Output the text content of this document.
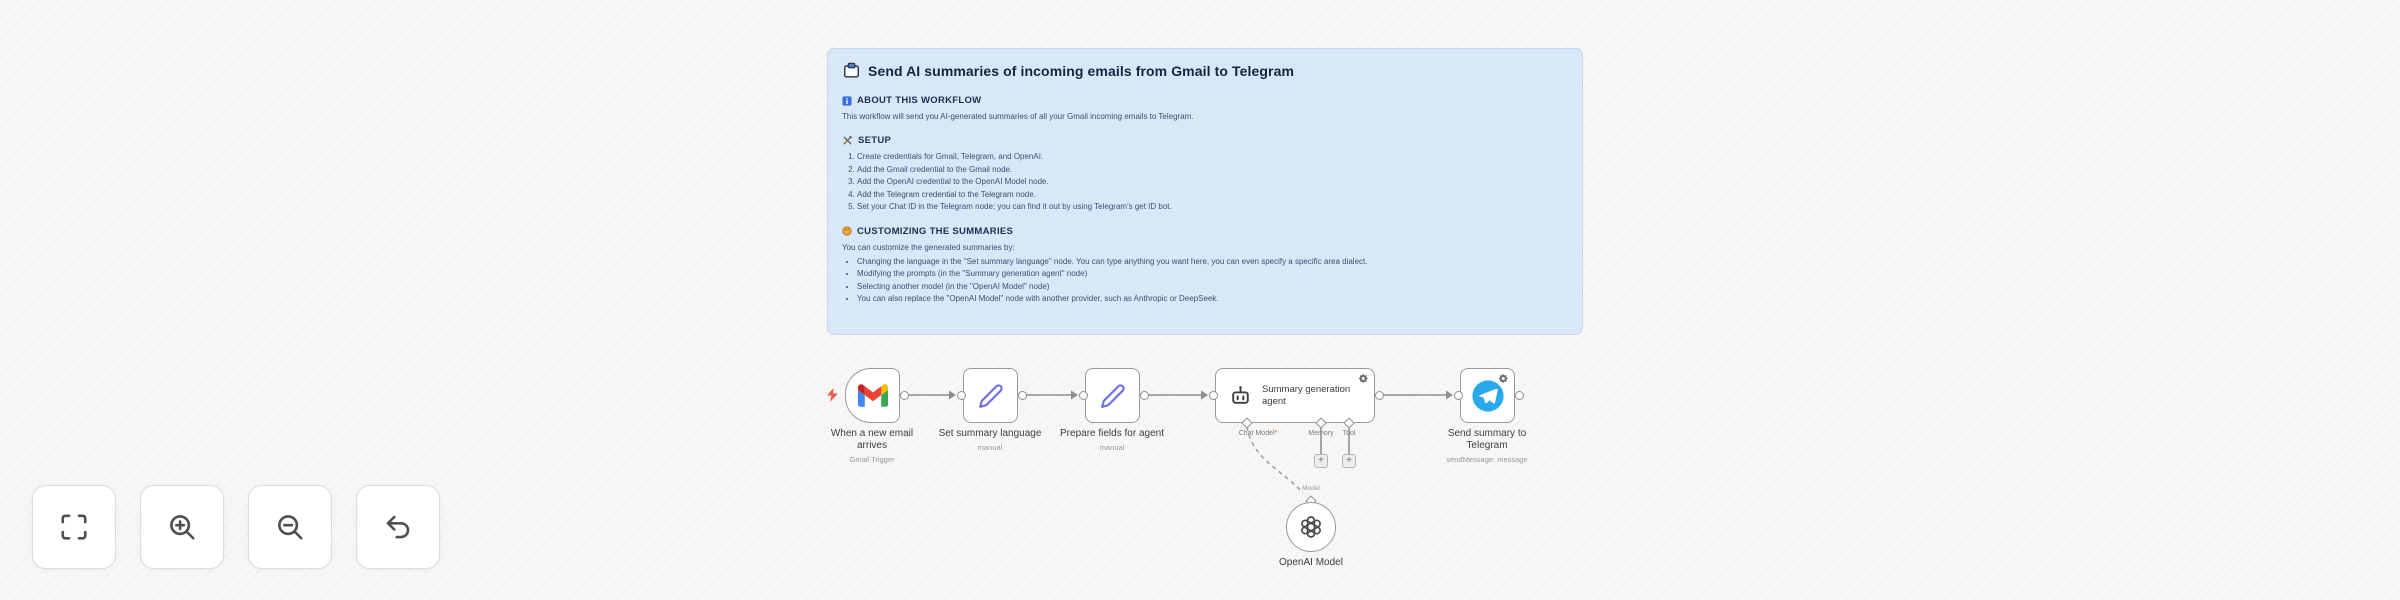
Send AI summaries of incoming emails from Gmail to Telegram
ABOUT THIS WORKFLOW

This workflow will send you AI-generated summaries of all your Gmail incoming emails to Telegram.

SETUP
1. Create credentials for Gmail, Telegram, and OpenAI.
2. Add the Gmail credential to the Gmail node.
3. Add the OpenAI credential to the OpenAI Model node.
4. Add the Telegram credential to the Telegram node.
5. Set your Chat ID in the Telegram node; you can find it out by using Telegram's get ID bot.
CUSTOMIZING THE SUMMARIES

You can customize the generated summaries by:

• Changing the language in the "Set summary language" node. You can type anything you want here, you can even specify a specific area dialect.
• Modifying the prompts (in the "Summary generation agent" node)
• Selecting another model (in the "OpenAI Model" node)
• You can also replace the "OpenAI Model" node with another provider, such as Anthropic or DeepSeek.
When a new email arrives
Gmail Trigger
Set summary language
manual
Prepare fields for agent
manual
Summary generation agent
Chat Model*	Memory	Tool
+	+
Send summary to Telegram
sendMessage: message
Model
OpenAI Model
